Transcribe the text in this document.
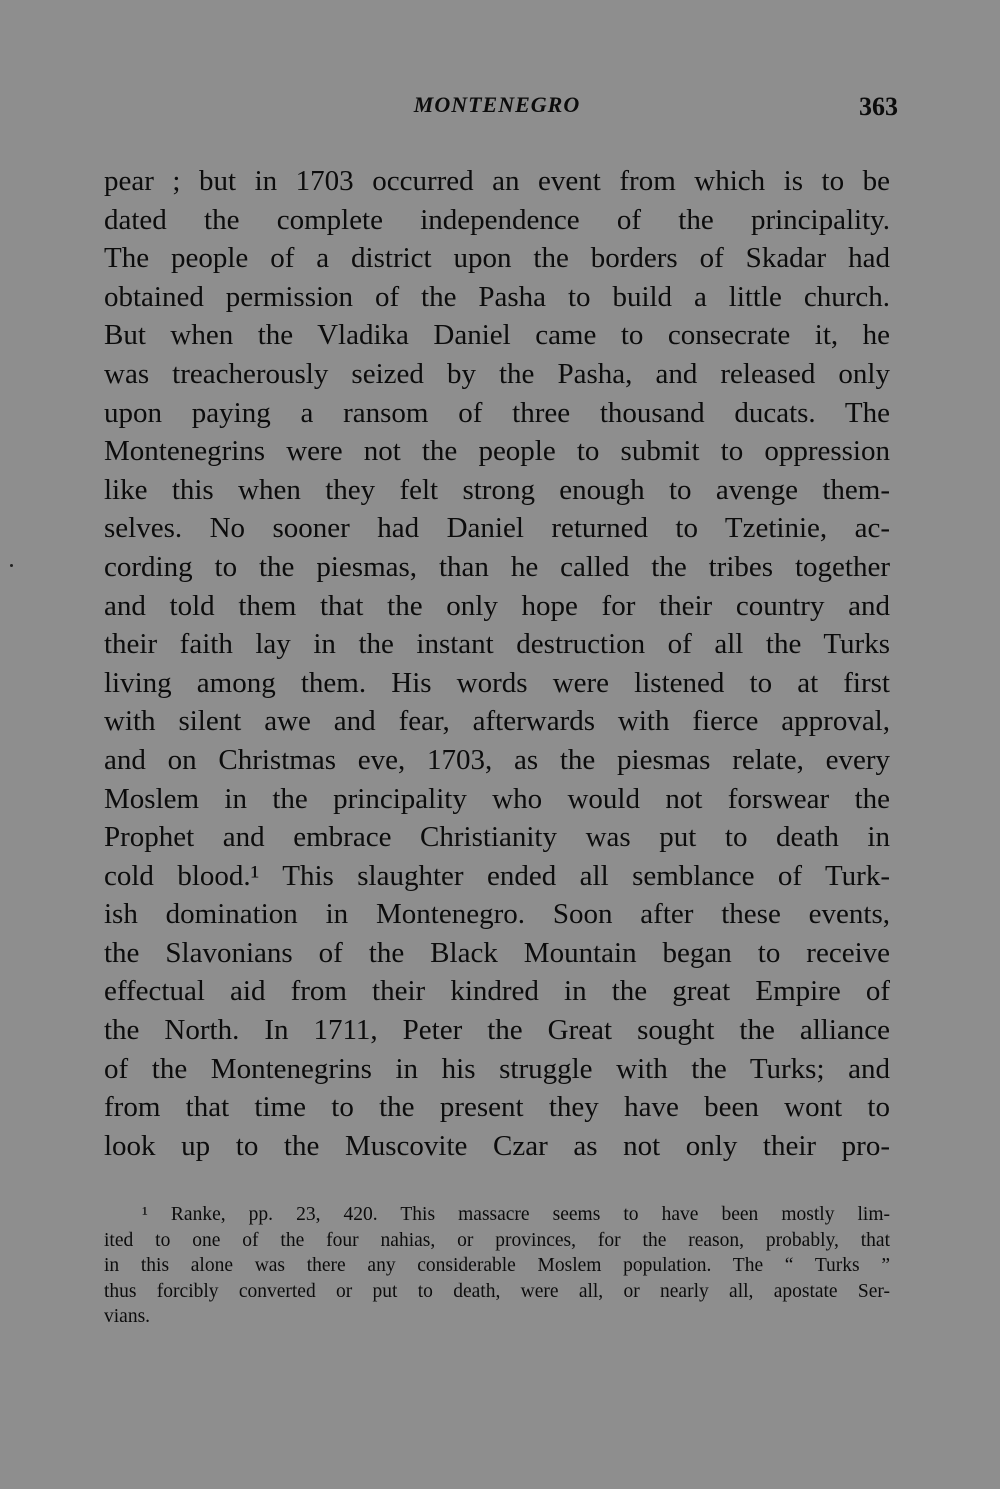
MONTENEGRO	363
pear ; but in 1703 occurred an event from which is to be
dated the complete independence of the principality.
The people of a district upon the borders of Skadar had
obtained permission of the Pasha to build a little church.
But when the Vladika Daniel came to consecrate it, he
was treacherously seized by the Pasha, and released only
upon paying a ransom of three thousand ducats. The
Montenegrins were not the people to submit to oppression
like this when they felt strong enough to avenge them-
selves. No sooner had Daniel returned to Tzetinie, ac-
cording to the piesmas, than he called the tribes together
and told them that the only hope for their country and
their faith lay in the instant destruction of all the Turks
living among them. His words were listened to at first
with silent awe and fear, afterwards with fierce approval,
and on Christmas eve, 1703, as the piesmas relate, every
Moslem in the principality who would not forswear the
Prophet and embrace Christianity was put to death in
cold blood.¹ This slaughter ended all semblance of Turk-
ish domination in Montenegro. Soon after these events,
the Slavonians of the Black Mountain began to receive
effectual aid from their kindred in the great Empire of
the North. In 1711, Peter the Great sought the alliance
of the Montenegrins in his struggle with the Turks; and
from that time to the present they have been wont to
look up to the Muscovite Czar as not only their pro-
¹ Ranke, pp. 23, 420. This massacre seems to have been mostly lim-
ited to one of the four nahias, or provinces, for the reason, probably, that
in this alone was there any considerable Moslem population. The “ Turks ”
thus forcibly converted or put to death, were all, or nearly all, apostate Ser-
vians.
